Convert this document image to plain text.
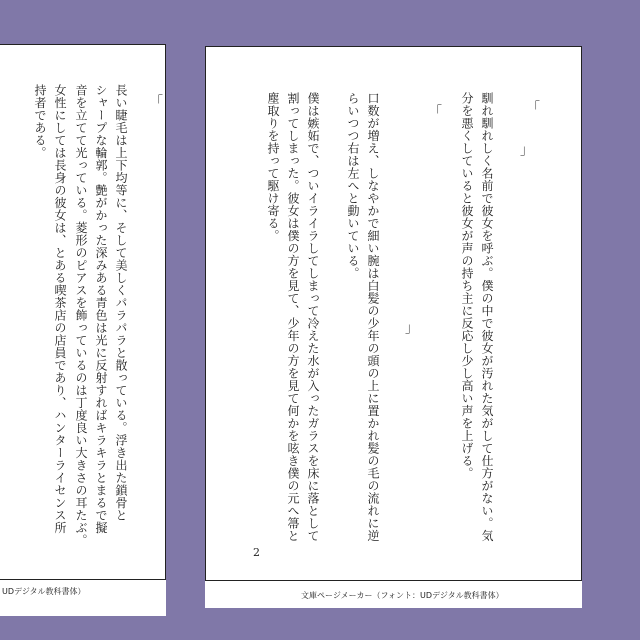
「
長い睫毛は上下均等に、そして美しくパラパラと散っている。浮き出た鎖骨と
シャープな輪郭。艶がかった深みある青色は光に反射すればキラキラとまるで擬
音を立てて光っている。菱形のピアスを飾っているのは丁度良い大きさの耳たぶ。
女性にしては長身の彼女は、とある喫茶店の店員であり、ハンターライセンス所
持者である。
UDデジタル教科書体）
「
」
「
」	馴れ馴れしく名前で彼女を呼ぶ。僕の中で彼女が汚れた気がして仕方がない。気
分を悪くしていると彼女が声の持ち主に反応し少し高い声を上げる。
口数が増え、しなやかで細い腕は白髪の少年の頭の上に置かれ髪の毛の流れに逆
らいつつ右は左へと動いている。
僕は嫉妬で、ついイライラしてしまって冷えた水が入ったガラスを床に落として
割ってしまった。彼女は僕の方を見て、少年の方を見て何かを呟き僕の元へ箒と
塵取りを持って駆け寄る。
2
文庫ページメーカー（フォント：UDデジタル教科書体）
